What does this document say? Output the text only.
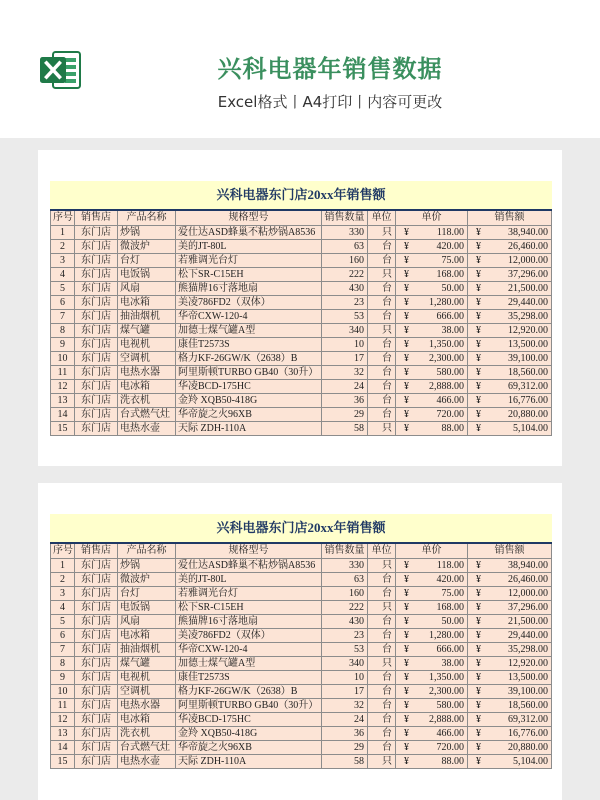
兴科电器年销售数据
Excel格式丨A4打印丨内容可更改
兴科电器东门店20xx年销售额
序号 销售店	产品名称	规格型号	销售数量 单位	单价	销售额
1	东门店 炒锅	爱仕达ASD蜂巢不粘炒锅A8536	330	只	¥	118.00 ¥	38,940.00
2	东门店 微波炉	美的JT-80L	63	台	¥	420.00 ¥	26,460.00
3	东门店 台灯	若雅调光台灯	160	台	¥	75.00 ¥	12,000.00
4	东门店 电饭锅	松下SR-C15EH	222	只	¥	168.00 ¥	37,296.00
5	东门店 风扇	熊猫牌16寸落地扇	430	台	¥	50.00 ¥	21,500.00
6	东门店 电冰箱	美凌786FD2（双体）	23	台	¥ 1,280.00 ¥	29,440.00
7	东门店 抽油烟机	华帝CXW-120-4	53	台	¥	666.00 ¥	35,298.00
8	东门店 煤气罐	加德士煤气罐A型	340	只	¥	38.00 ¥	12,920.00
9	东门店 电视机	康佳T2573S	10	台	¥ 1,350.00 ¥	13,500.00
10	东门店 空调机	格力KF-26GW/K（2638）B	17	台	¥ 2,300.00 ¥	39,100.00
11	东门店 电热水器	阿里斯顿TURBO GB40（30升）	32	台	¥	580.00 ¥	18,560.00
12	东门店 电冰箱	华凌BCD-175HC	24	台	¥ 2,888.00 ¥	69,312.00
13	东门店 洗衣机	金羚 XQB50-418G	36	台	¥	466.00 ¥	16,776.00
14	东门店 台式燃气灶 华帝旋之火96XB	29	台	¥	720.00 ¥	20,880.00
15	东门店 电热水壶	天际 ZDH-110A	58	只	¥	88.00 ¥	5,104.00
兴科电器东门店20xx年销售额
序号 销售店	产品名称	规格型号	销售数量 单位	单价	销售额
1	东门店 炒锅	爱仕达ASD蜂巢不粘炒锅A8536	330	只	¥	118.00 ¥	38,940.00
2	东门店 微波炉	美的JT-80L	63	台	¥	420.00 ¥	26,460.00
3	东门店 台灯	若雅调光台灯	160	台	¥	75.00 ¥	12,000.00
4	东门店 电饭锅	松下SR-C15EH	222	只	¥	168.00 ¥	37,296.00
5	东门店 风扇	熊猫牌16寸落地扇	430	台	¥	50.00 ¥	21,500.00
6	东门店 电冰箱	美凌786FD2（双体）	23	台	¥ 1,280.00 ¥	29,440.00
7	东门店 抽油烟机	华帝CXW-120-4	53	台	¥	666.00 ¥	35,298.00
8	东门店 煤气罐	加德士煤气罐A型	340	只	¥	38.00 ¥	12,920.00
9	东门店 电视机	康佳T2573S	10	台	¥ 1,350.00 ¥	13,500.00
10	东门店 空调机	格力KF-26GW/K（2638）B	17	台	¥ 2,300.00 ¥	39,100.00
11	东门店 电热水器	阿里斯顿TURBO GB40（30升）	32	台	¥	580.00 ¥	18,560.00
12	东门店 电冰箱	华凌BCD-175HC	24	台	¥ 2,888.00 ¥	69,312.00
13	东门店 洗衣机	金羚 XQB50-418G	36	台	¥	466.00 ¥	16,776.00
14	东门店 台式燃气灶 华帝旋之火96XB	29	台	¥	720.00 ¥	20,880.00
15	东门店 电热水壶	天际 ZDH-110A	58	只	¥	88.00 ¥	5,104.00
